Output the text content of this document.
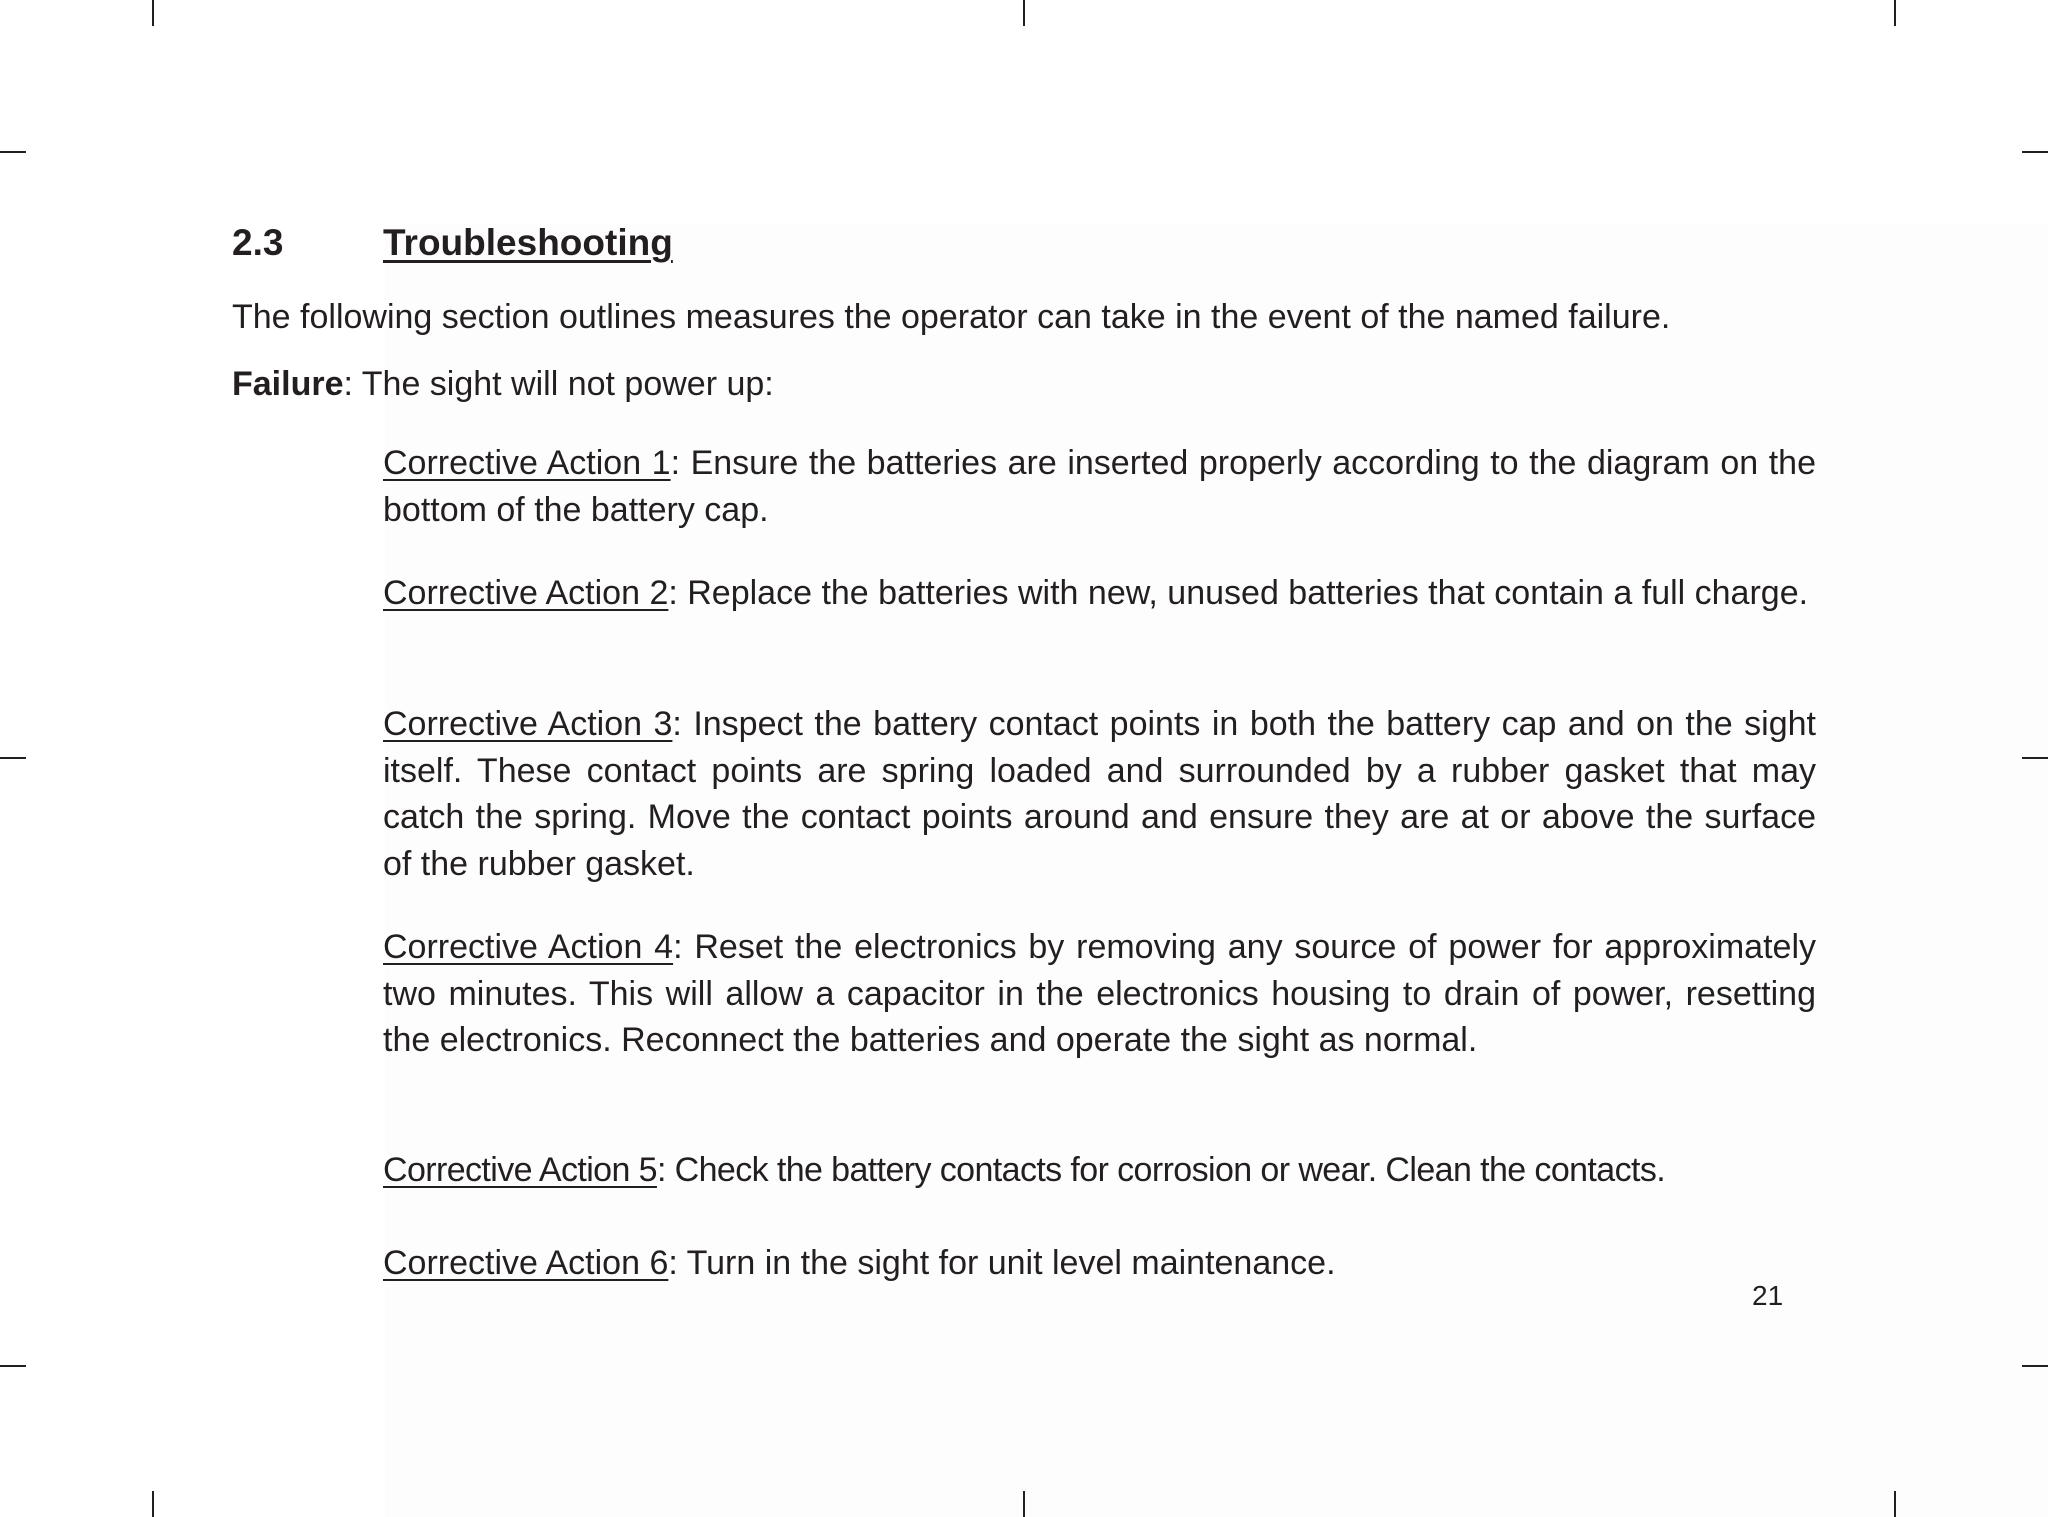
2.3	Troubleshooting

The following section outlines measures the operator can take in the event of the named failure.

Failure: The sight will not power up:

Corrective Action 1: Ensure the batteries are inserted properly according to the diagram on the bottom of the battery cap.

Corrective Action 2: Replace the batteries with new, unused batteries that contain a full charge.

Corrective Action 3: Inspect the battery contact points in both the battery cap and on the sight itself. These contact points are spring loaded and surrounded by a rubber gasket that may catch the spring. Move the contact points around and ensure they are at or above the surface of the rubber gasket.

Corrective Action 4: Reset the electronics by removing any source of power for approximately two minutes. This will allow a capacitor in the electronics housing to drain of power, resetting the electronics. Reconnect the batteries and operate the sight as normal.

Corrective Action 5: Check the battery contacts for corrosion or wear. Clean the contacts.

Corrective Action 6: Turn in the sight for unit level maintenance.

21
